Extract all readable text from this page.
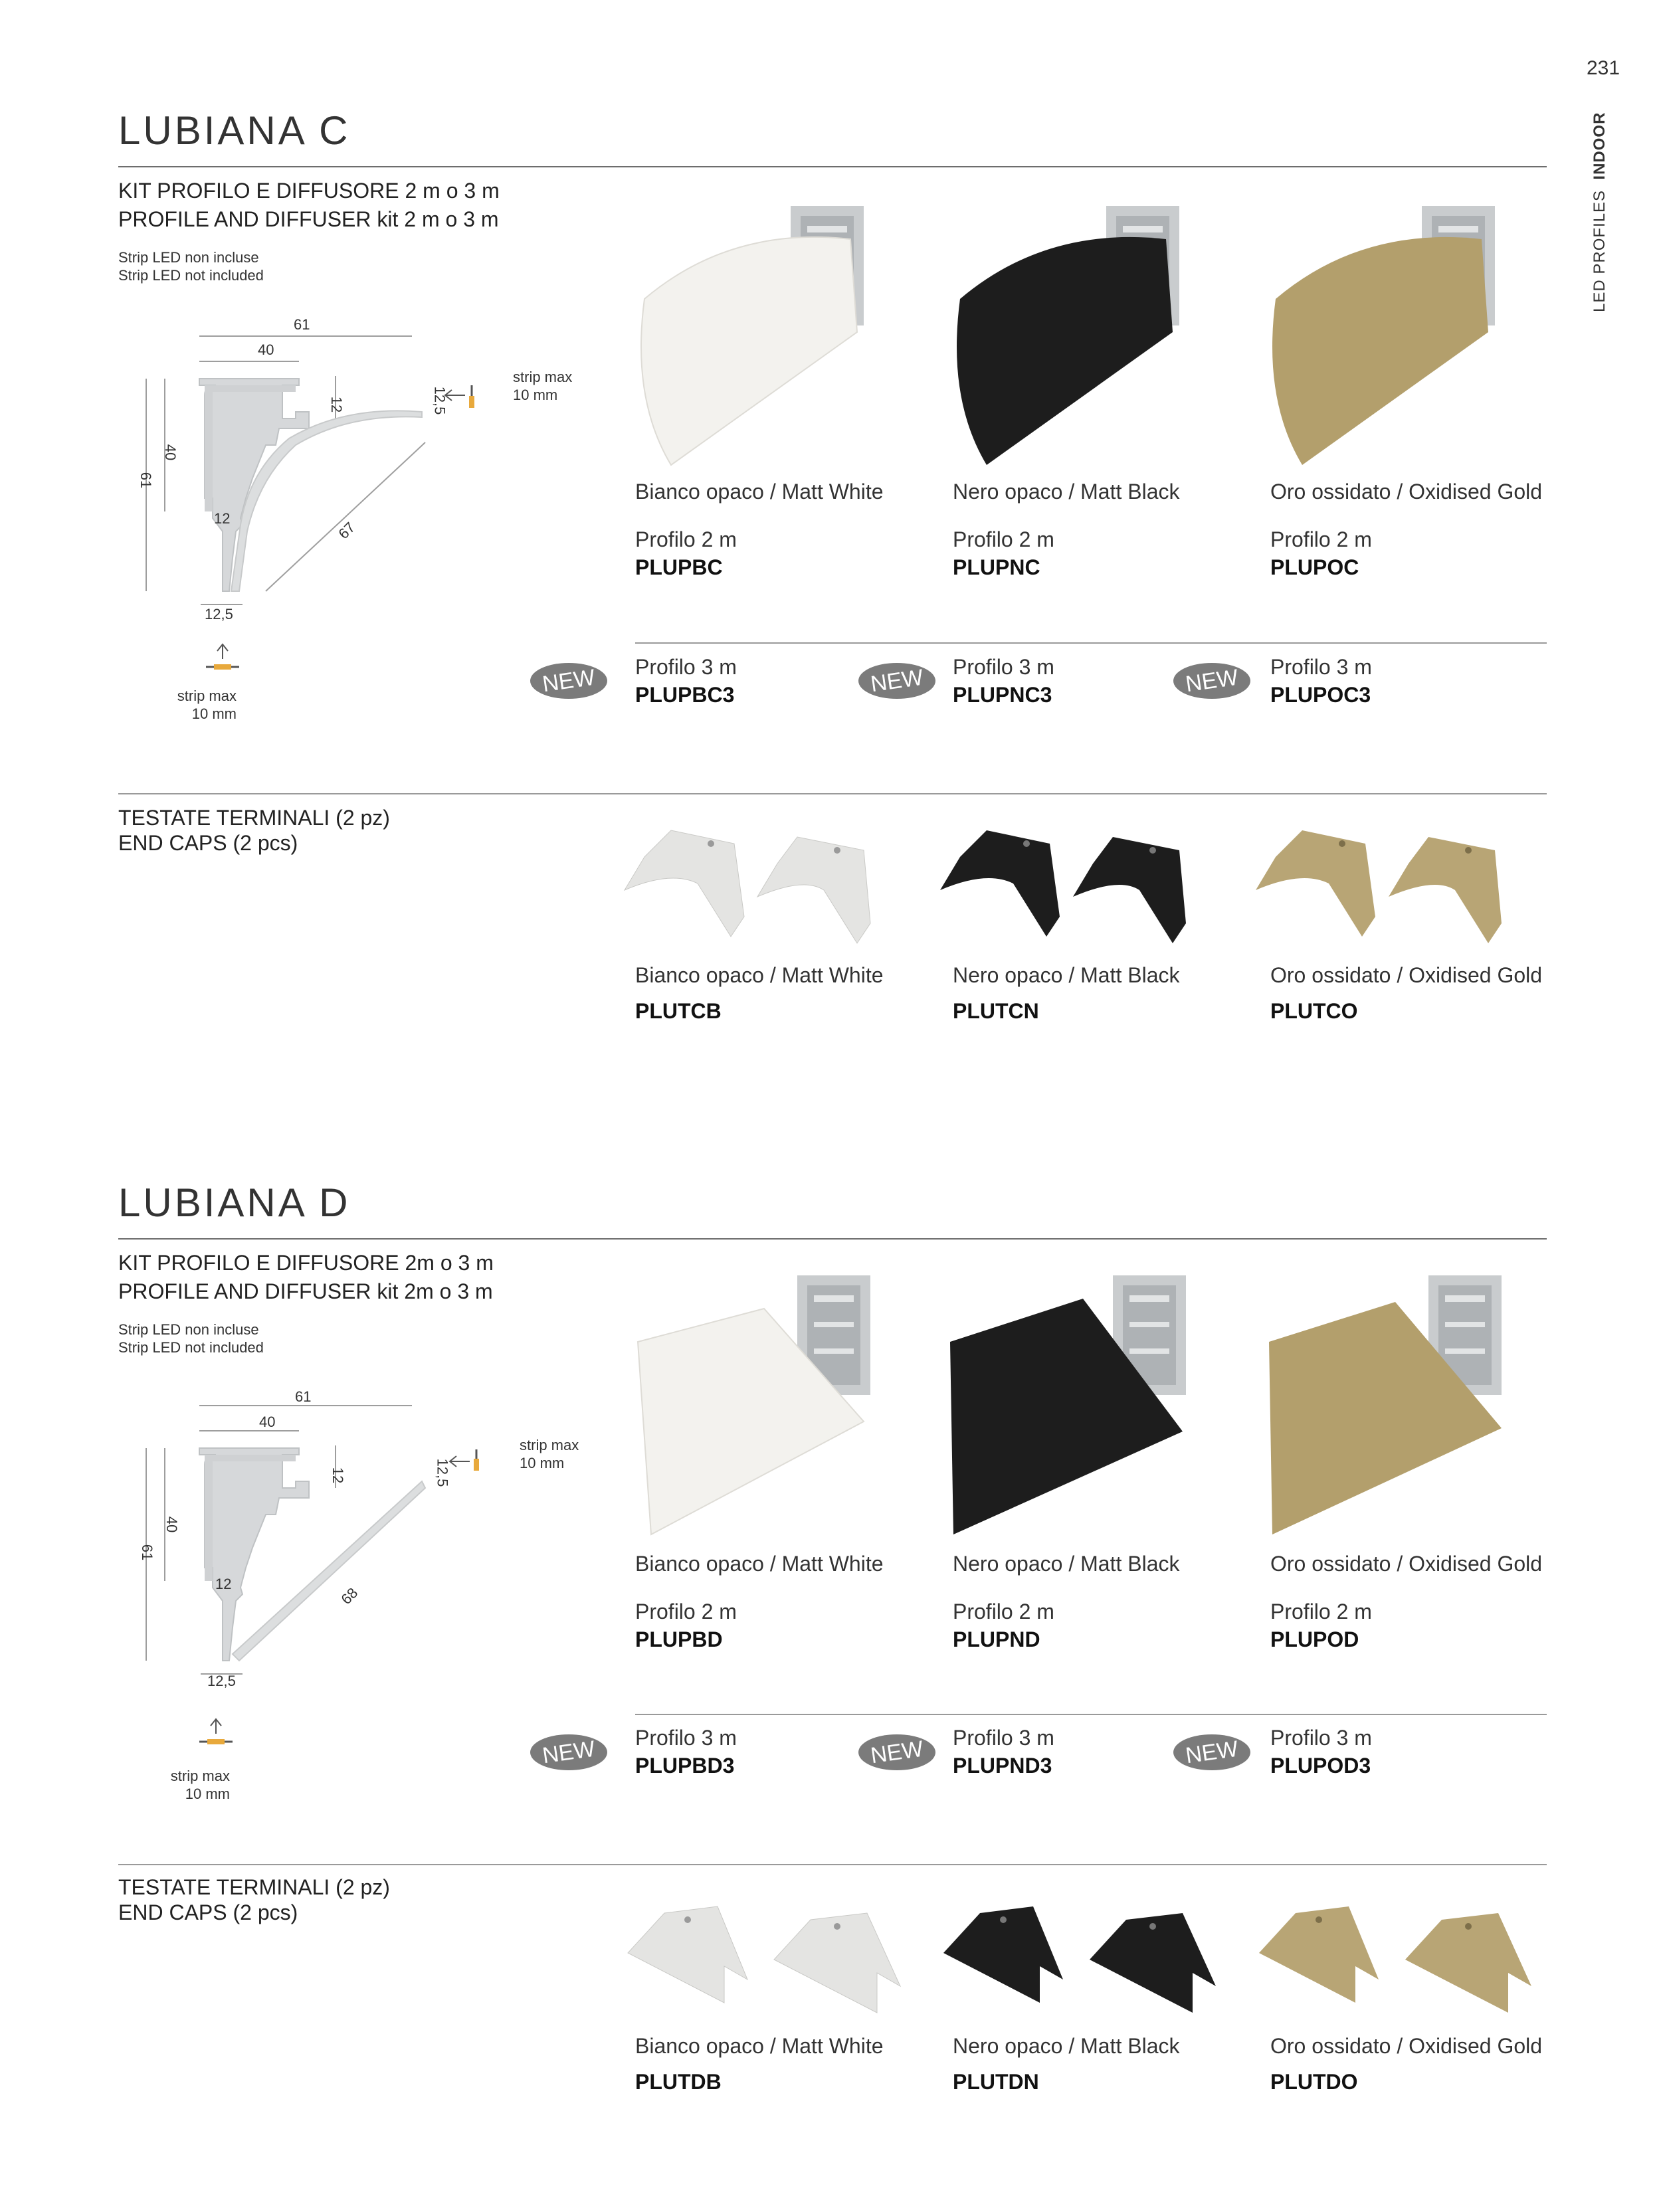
231
LED PROFILES  INDOOR
LUBIANA C
KIT PROFILO E DIFFUSORE 2 m o 3 m
PROFILE AND DIFFUSER kit 2 m o 3 m
Strip LED non incluse
Strip LED not included
61
40
40
61
12
12
12,5
12,5
67
strip max
10 mm
strip max
10 mm
Bianco opaco / Matt White	Nero opaco / Matt Black	Oro ossidato / Oxidised Gold
Profilo 2 m
PLUPBC
Profilo 2 m
PLUPNC
Profilo 2 m
PLUPOC
Profilo 3 m
PLUPBC3
Profilo 3 m
PLUPNC3
Profilo 3 m
PLUPOC3
NEW	NEW	NEW
TESTATE TERMINALI (2 pz)
END CAPS (2 pcs)
Bianco opaco / Matt White
PLUTCB
Nero opaco / Matt Black
PLUTCN
Oro ossidato / Oxidised Gold
PLUTCO
LUBIANA D
KIT PROFILO E DIFFUSORE 2m o 3 m
PROFILE AND DIFFUSER kit 2m o 3 m
Strip LED non incluse
Strip LED not included
61
40
40
61
12
12
12,5
12,5
68
strip max
10 mm
strip max
10 mm
Bianco opaco / Matt White	Nero opaco / Matt Black	Oro ossidato / Oxidised Gold
Profilo 2 m
PLUPBD
Profilo 2 m
PLUPND
Profilo 2 m
PLUPOD
Profilo 3 m
PLUPBD3
Profilo 3 m
PLUPND3
Profilo 3 m
PLUPOD3
NEW	NEW	NEW
TESTATE TERMINALI (2 pz)
END CAPS (2 pcs)
Bianco opaco / Matt White
PLUTDB
Nero opaco / Matt Black
PLUTDN
Oro ossidato / Oxidised Gold
PLUTDO
